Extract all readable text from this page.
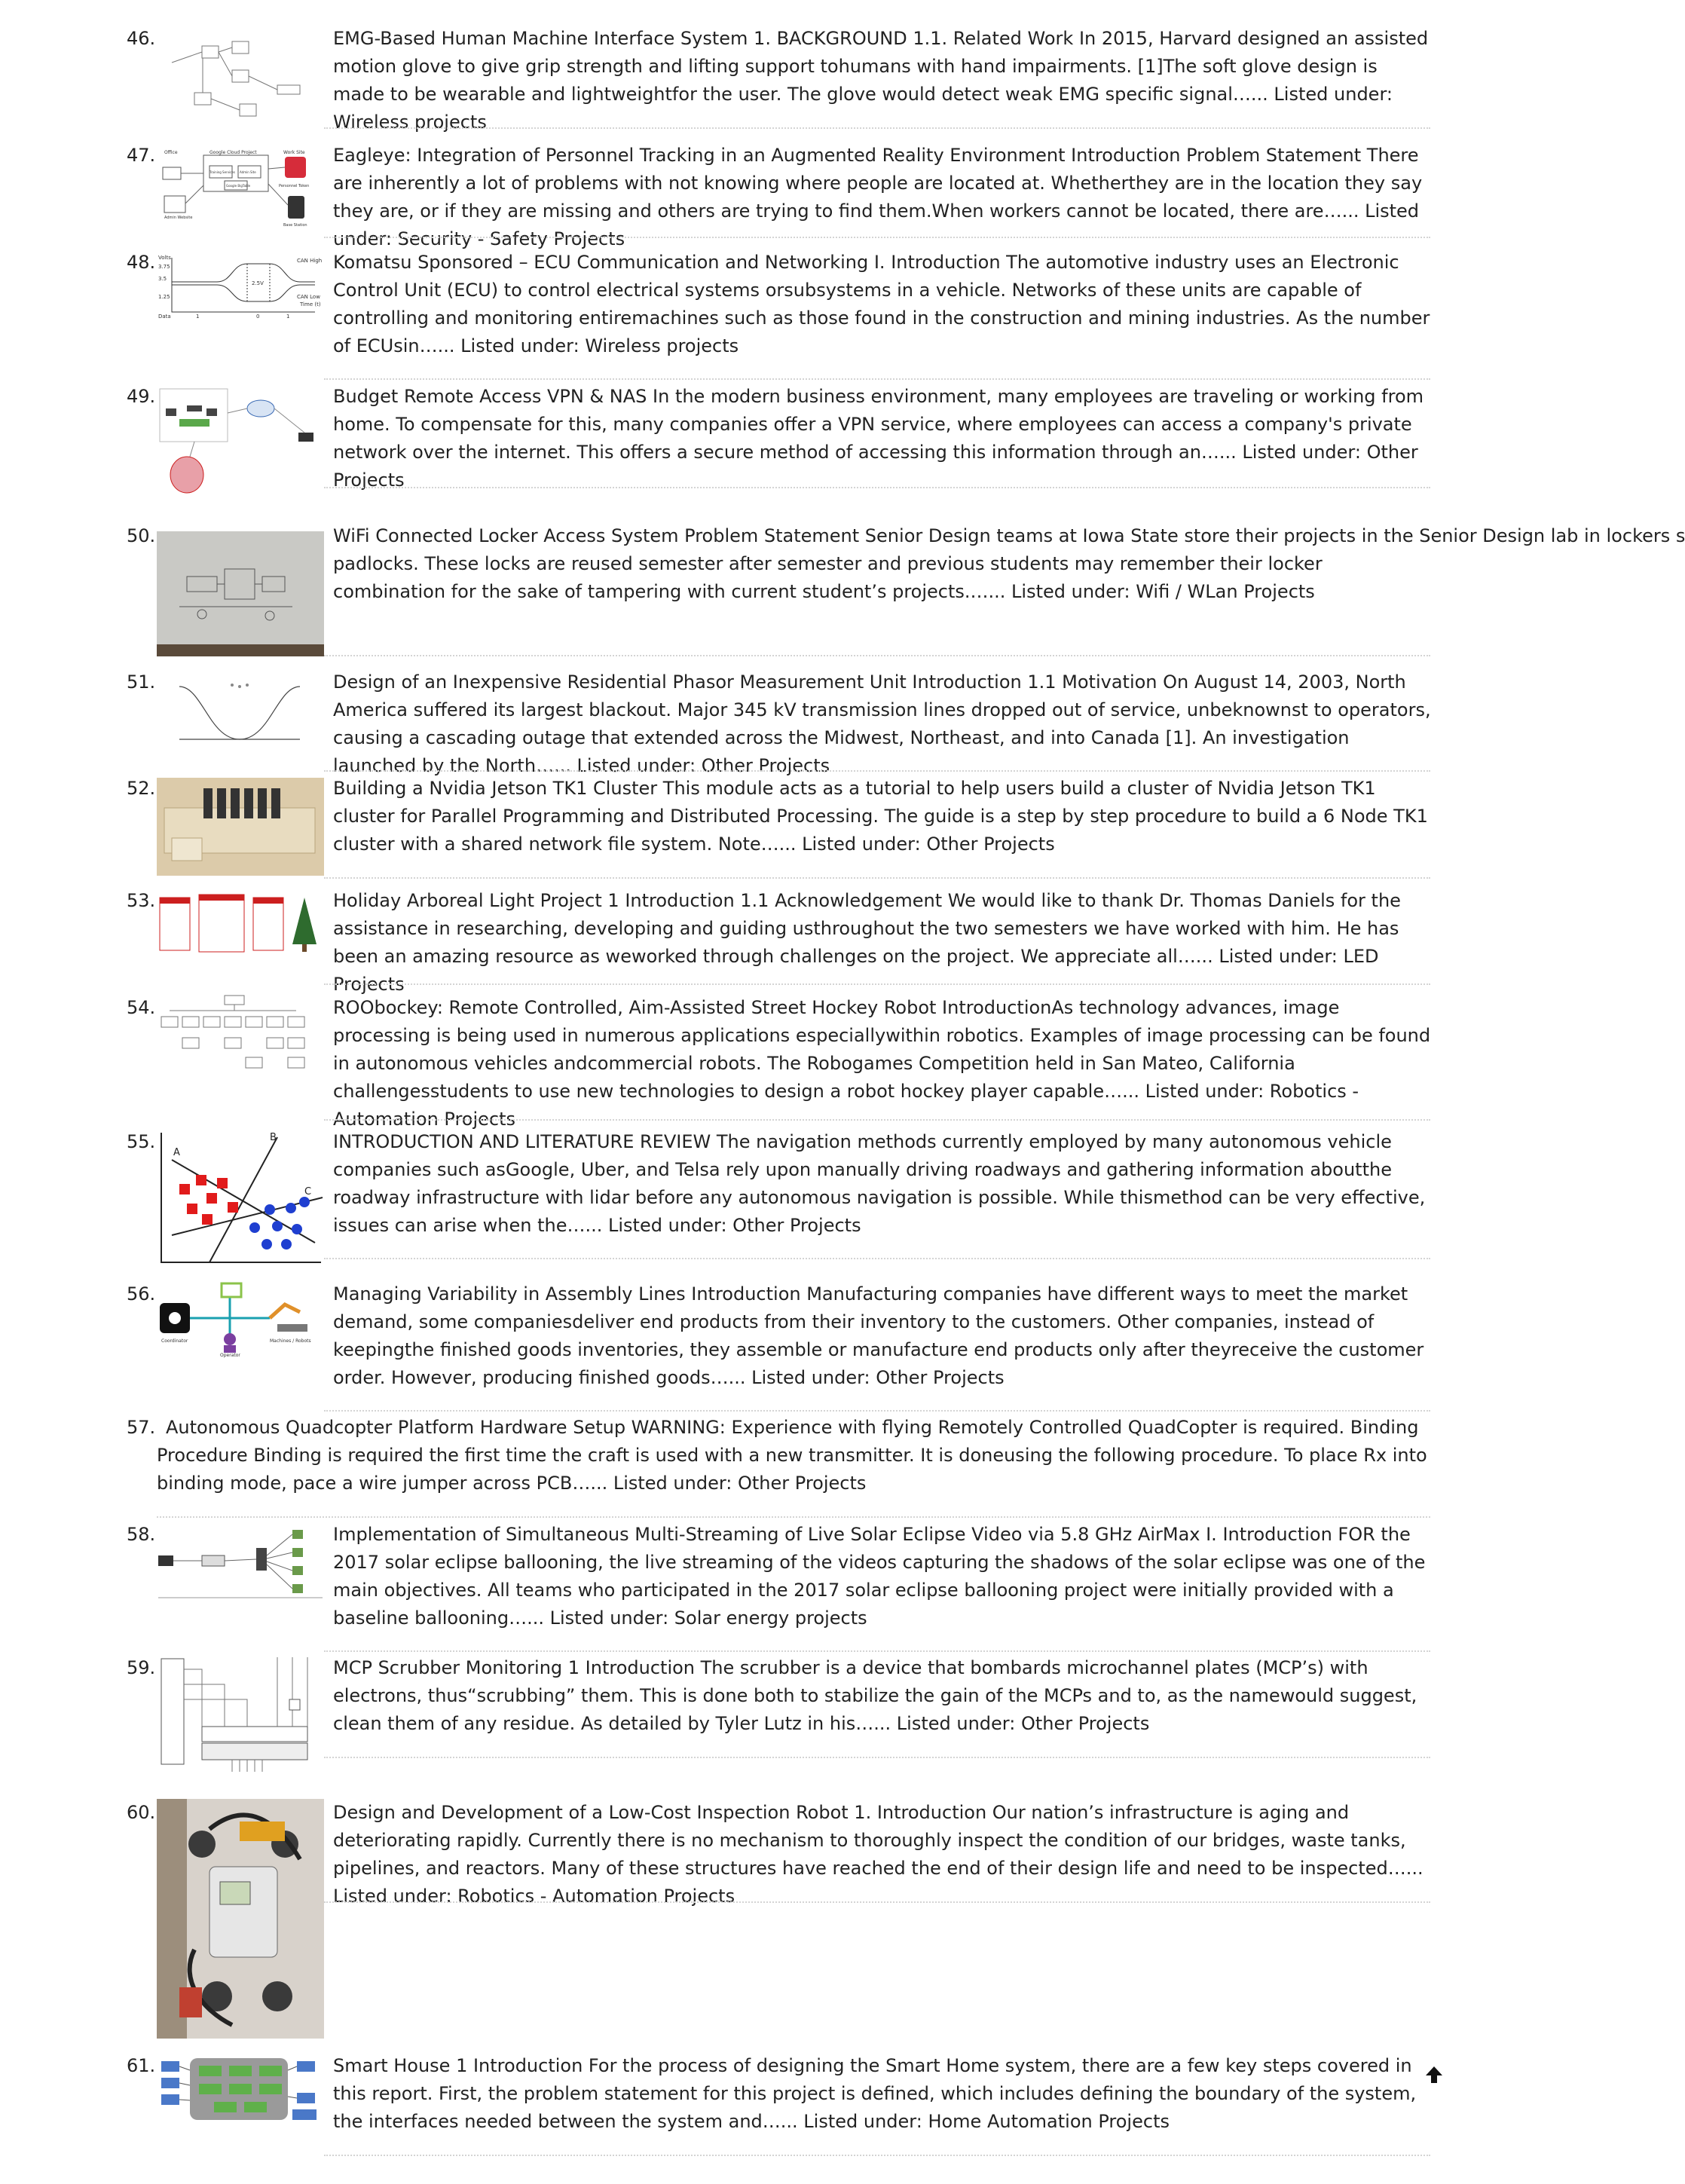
46.	EMG-Based Human Machine Interface System 1. BACKGROUND 1.1. Related Work In 2015, Harvard designed an assisted motion glove to give grip strength and lifting support tohumans with hand impairments. [1]The soft glove design is made to be wearable and lightweightfor the user. The glove would detect weak EMG specific signal…... Listed under: Wireless projects
47. Office	Google Cloud Project	Work Site
Training Services Admin Site
Google BigTable	Personnel Token
Admin Website
Base Station
Eagleye: Integration of Personnel Tracking in an Augmented Reality Environment Introduction Problem Statement There are inherently a lot of problems with not knowing where people are located at. Whetherthey are in the location they say they are, or if they are missing and others are trying to find them.When workers cannot be located, there are…... Listed under: Security - Safety Projects
48. Volts
3.75
3.5
1.25
2.5V
CAN High
CAN Low
Data	1	0	1
Time (t)
Komatsu Sponsored – ECU Communication and Networking I. Introduction The automotive industry uses an Electronic Control Unit (ECU) to control electrical systems orsubsystems in a vehicle. Networks of these units are capable of controlling and monitoring entiremachines such as those found in the construction and mining industries. As the number of ECUsin…... Listed under: Wireless projects
49.	Budget Remote Access VPN & NAS In the modern business environment, many employees are traveling or working from home. To compensate for this, many companies offer a VPN service, where employees can access a company's private network over the internet. This offers a secure method of accessing this information through an…... Listed under: Other Projects
50.	WiFi Connected Locker Access System Problem Statement Senior Design teams at Iowa State store their projects in the Senior Design lab in lockers s
padlocks. These locks are reused semester after semester and previous students may remember their locker combination for the sake of tampering with current student’s projects.…... Listed under: Wifi / WLan Projects
51.	Design of an Inexpensive Residential Phasor Measurement Unit Introduction 1.1 Motivation On August 14, 2003, North America suffered its largest blackout. Major 345 kV transmission lines dropped out of service, unbeknownst to operators, causing a cascading outage that extended across the Midwest, Northeast, and into Canada [1]. An investigation launched by the North…... Listed under: Other Projects
52.	Building a Nvidia Jetson TK1 Cluster This module acts as a tutorial to help users build a cluster of Nvidia Jetson TK1 cluster for Parallel Programming and Distributed Processing. The guide is a step by step procedure to build a 6 Node TK1 cluster with a shared network file system. Note…... Listed under: Other Projects
53.	Holiday Arboreal Light Project 1 Introduction 1.1 Acknowledgement We would like to thank Dr. Thomas Daniels for the assistance in researching, developing and guiding usthroughout the two semesters we have worked with him. He has been an amazing resource as weworked through challenges on the project. We appreciate all…... Listed under: LED Projects
54.	ROObockey: Remote Controlled, Aim-Assisted Street Hockey Robot IntroductionAs technology advances, image processing is being used in numerous applications especiallywithin robotics. Examples of image processing can be found in autonomous vehicles andcommercial robots. The Robogames Competition held in San Mateo, California challengesstudents to use new technologies to design a robot hockey player capable…... Listed under: Robotics - Automation Projects
55.
A
B
C
INTRODUCTION AND LITERATURE REVIEW The navigation methods currently employed by many autonomous vehicle companies such asGoogle, Uber, and Telsa rely upon manually driving roadways and gathering information aboutthe roadway infrastructure with lidar before any autonomous navigation is possible. While thismethod can be very effective, issues can arise when the…... Listed under: Other Projects
56.
Coordinator
Operator
Machines / Robots
Managing Variability in Assembly Lines Introduction Manufacturing companies have different ways to meet the market demand, some companiesdeliver end products from their inventory to the customers. Other companies, instead of keepingthe finished goods inventories, they assemble or manufacture end products only after theyreceive the customer order. However, producing finished goods…... Listed under: Other Projects
57. Autonomous Quadcopter Platform Hardware Setup WARNING: Experience with flying Remotely Controlled QuadCopter is required. Binding Procedure Binding is required the first time the craft is used with a new transmitter. It is doneusing the following procedure. To place Rx into binding mode, pace a wire jumper across PCB…... Listed under: Other Projects
58.	Implementation of Simultaneous Multi-Streaming of Live Solar Eclipse Video via 5.8 GHz AirMax I. Introduction FOR the 2017 solar eclipse ballooning, the live streaming of the videos capturing the shadows of the solar eclipse was one of the main objectives. All teams who participated in the 2017 solar eclipse ballooning project were initially provided with a baseline ballooning…... Listed under: Solar energy projects
59.	MCP Scrubber Monitoring 1 Introduction The scrubber is a device that bombards microchannel plates (MCP’s) with electrons, thus“scrubbing” them. This is done both to stabilize the gain of the MCPs and to, as the namewould suggest, clean them of any residue. As detailed by Tyler Lutz in his…... Listed under: Other Projects
60.	Design and Development of a Low-Cost Inspection Robot 1. Introduction Our nation’s infrastructure is aging and deteriorating rapidly. Currently there is no mechanism to thoroughly inspect the condition of our bridges, waste tanks, pipelines, and reactors. Many of these structures have reached the end of their design life and need to be inspected…... Listed under: Robotics - Automation Projects
61.	Smart House 1 Introduction For the process of designing the Smart Home system, there are a few key steps covered in this report. First, the problem statement for this project is defined, which includes defining the boundary of the system, the interfaces needed between the system and…... Listed under: Home Automation Projects
